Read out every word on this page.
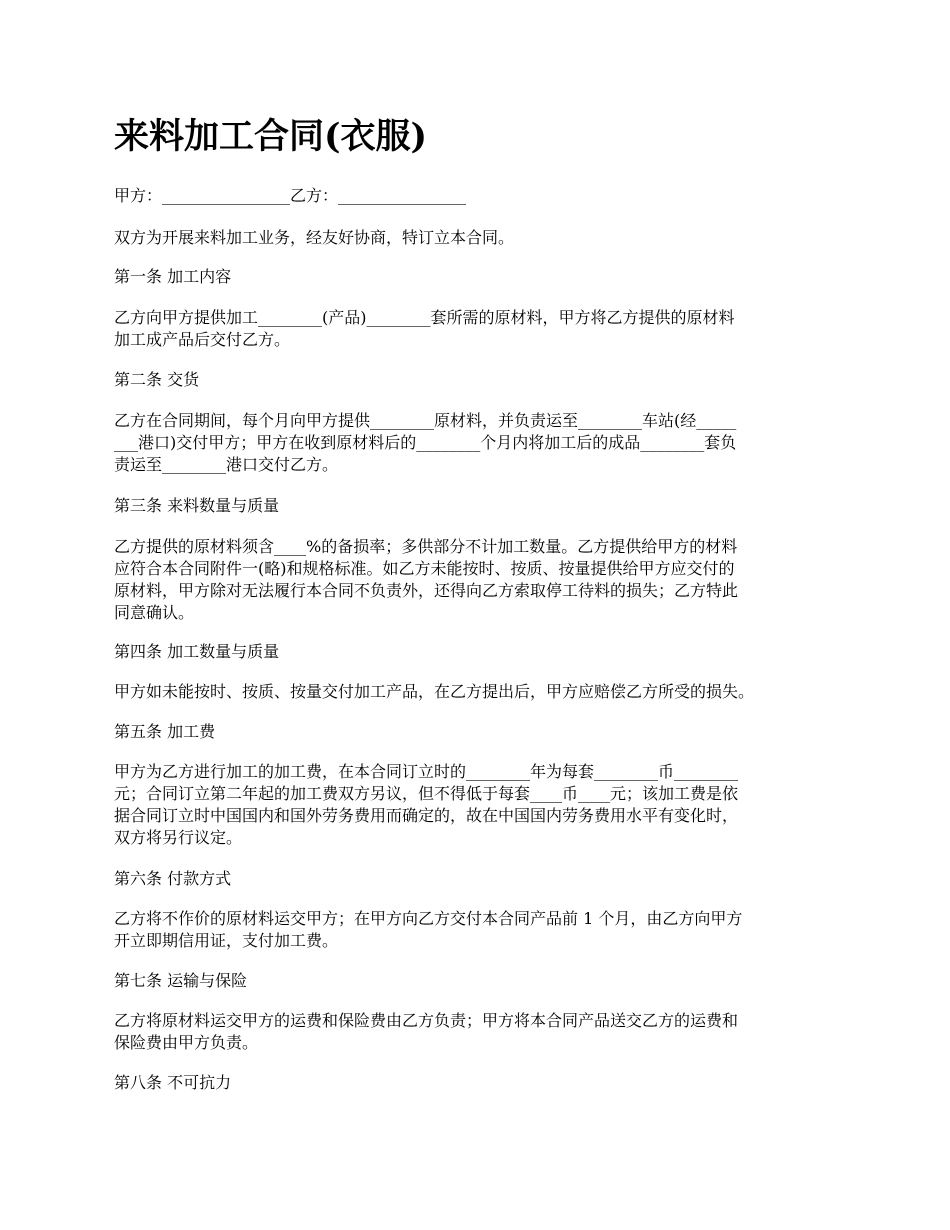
来料加工合同(衣服)
甲方：________________乙方：________________
双方为开展来料加工业务，经友好协商，特订立本合同。
第一条 加工内容
乙方向甲方提供加工________(产品)________套所需的原材料，甲方将乙方提供的原材料
加工成产品后交付乙方。
第二条 交货
乙方在合同期间，每个月向甲方提供________原材料，并负责运至________车站(经_____
___港口)交付甲方；甲方在收到原材料后的________个月内将加工后的成品________套负
责运至________港口交付乙方。
第三条 来料数量与质量
乙方提供的原材料须含____%的备损率；多供部分不计加工数量。乙方提供给甲方的材料
应符合本合同附件一(略)和规格标准。如乙方未能按时、按质、按量提供给甲方应交付的
原材料，甲方除对无法履行本合同不负责外，还得向乙方索取停工待料的损失；乙方特此
同意确认。
第四条 加工数量与质量
甲方如未能按时、按质、按量交付加工产品，在乙方提出后，甲方应赔偿乙方所受的损失。
第五条 加工费
甲方为乙方进行加工的加工费，在本合同订立时的________年为每套________币________
元；合同订立第二年起的加工费双方另议，但不得低于每套____币____元；该加工费是依
据合同订立时中国国内和国外劳务费用而确定的，故在中国国内劳务费用水平有变化时，
双方将另行议定。
第六条 付款方式
乙方将不作价的原材料运交甲方；在甲方向乙方交付本合同产品前 1 个月，由乙方向甲方
开立即期信用证，支付加工费。
第七条 运输与保险
乙方将原材料运交甲方的运费和保险费由乙方负责；甲方将本合同产品送交乙方的运费和
保险费由甲方负责。
第八条 不可抗力
